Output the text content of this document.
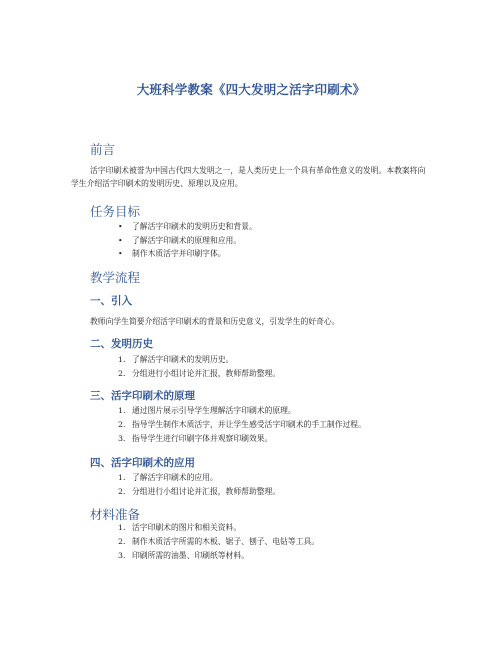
大班科学教案《四大发明之活字印刷术》
前言
活字印刷术被誉为中国古代四大发明之一，是人类历史上一个具有革命性意义的发明。本教案将向学生介绍活字印刷术的发明历史、原理以及应用。
任务目标
• 了解活字印刷术的发明历史和背景。
• 了解活字印刷术的原理和应用。
• 制作木质活字并印刷字体。
教学流程
一、引入
教师向学生简要介绍活字印刷术的背景和历史意义，引发学生的好奇心。
二、发明历史
1. 了解活字印刷术的发明历史。
2. 分组进行小组讨论并汇报，教师帮助整理。
三、活字印刷术的原理
1. 通过图片展示引导学生理解活字印刷术的原理。
2. 指导学生制作木质活字，并让学生感受活字印刷术的手工制作过程。
3. 指导学生进行印刷字体并观察印刷效果。
四、活字印刷术的应用
1. 了解活字印刷术的应用。
2. 分组进行小组讨论并汇报，教师帮助整理。
材料准备
1. 活字印刷术的图片和相关资料。
2. 制作木质活字所需的木板、锯子、刨子、电钻等工具。
3. 印刷所需的油墨、印刷纸等材料。
